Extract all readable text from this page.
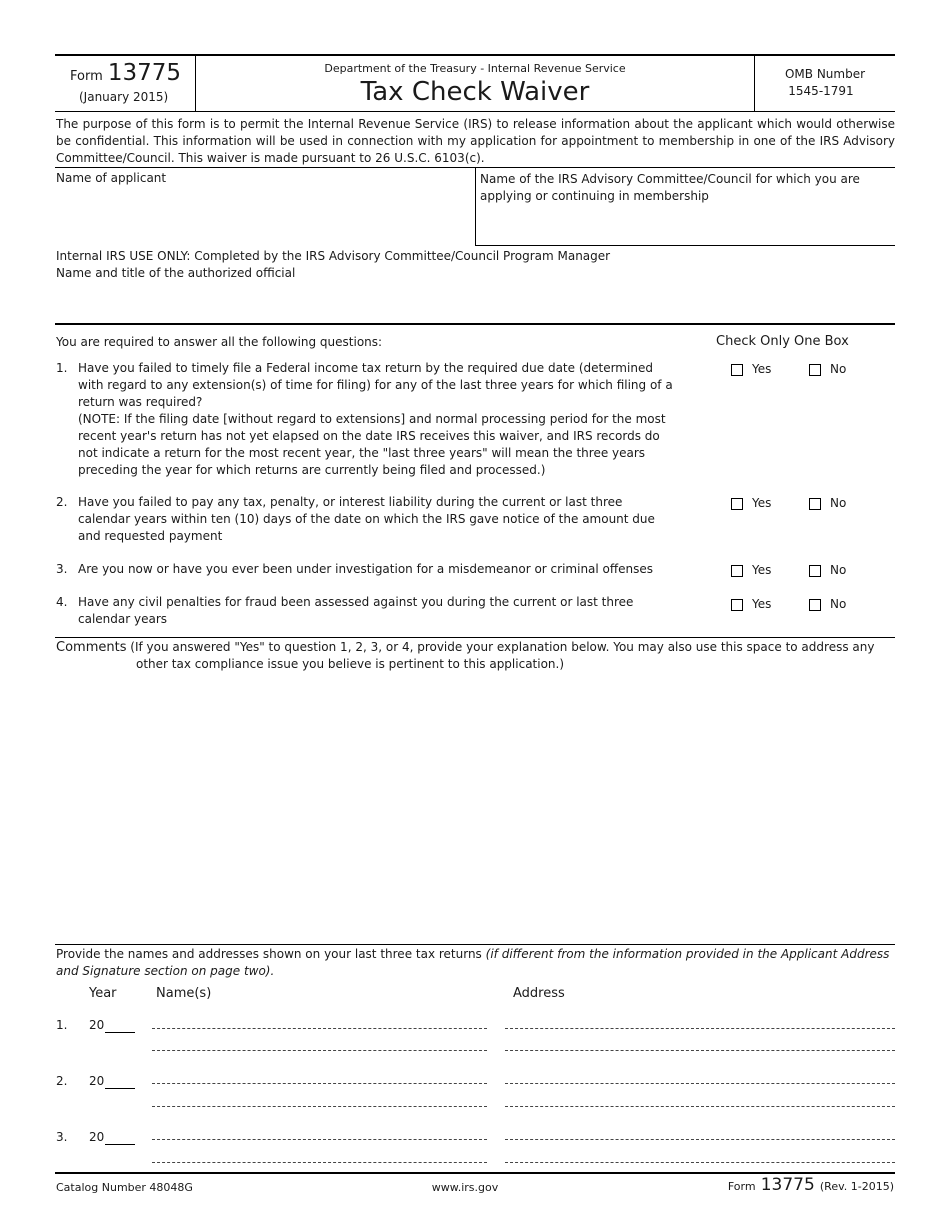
Form 13775
(January 2015)
Department of the Treasury - Internal Revenue Service
Tax Check Waiver
OMB Number
1545-1791
The purpose of this form is to permit the Internal Revenue Service (IRS) to release information about the applicant which would otherwise be confidential. This information will be used in connection with my application for appointment to membership in one of the IRS Advisory Committee/Council. This waiver is made pursuant to 26 U.S.C. 6103(c).
Name of applicant	Name of the IRS Advisory Committee/Council for which you are applying or continuing in membership
Internal IRS USE ONLY: Completed by the IRS Advisory Committee/Council Program Manager
Name and title of the authorized official
You are required to answer all the following questions:	Check Only One Box
1. Have you failed to timely file a Federal income tax return by the required due date (determined with regard to any extension(s) of time for filing) for any of the last three years for which filing of a return was required?
(NOTE: If the filing date [without regard to extensions] and normal processing period for the most recent year's return has not yet elapsed on the date IRS receives this waiver, and IRS records do not indicate a return for the most recent year, the "last three years" will mean the three years preceding the year for which returns are currently being filed and processed.)
Yes	No
2. Have you failed to pay any tax, penalty, or interest liability during the current or last three calendar years within ten (10) days of the date on which the IRS gave notice of the amount due and requested payment
Yes	No
3. Are you now or have you ever been under investigation for a misdemeanor or criminal offenses	Yes	No
4. Have any civil penalties for fraud been assessed against you during the current or last three calendar years
Yes	No
Comments (If you answered "Yes" to question 1, 2, 3, or 4, provide your explanation below. You may also use this space to address any other tax compliance issue you believe is pertinent to this application.)
Provide the names and addresses shown on your last three tax returns (if different from the information provided in the Applicant Address and Signature section on page two).
Year	Name(s)	Address
1. 20
2. 20
3. 20
Catalog Number 48048G	www.irs.gov	Form 13775 (Rev. 1-2015)
